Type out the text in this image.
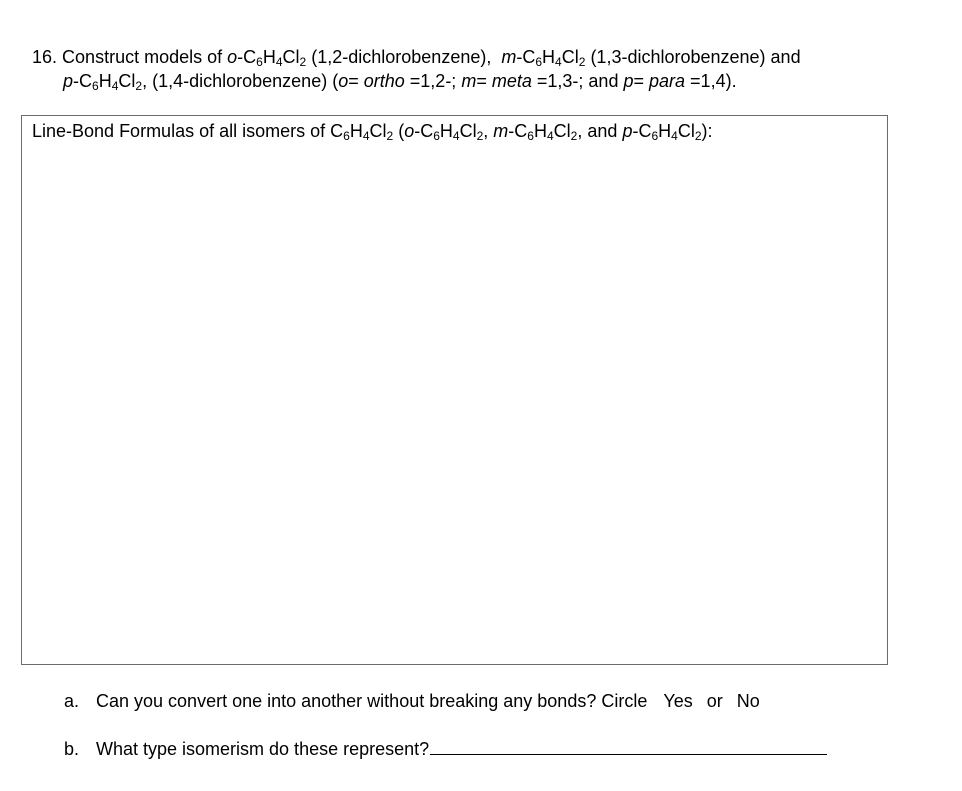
16. Construct models of $o-C_6H_4Cl_2$ (1,2-dichlorobenzene), $m-C_6H_4Cl_2$ (1,3-dichlorobenzene) and
$p-C_6H_4Cl_2$, (1,4-dichlorobenzene) (o= ortho =1,2-; m= meta =1,3-; and p= para =1,4).
Line-Bond Formulas of all isomers of $C_6H_4Cl_2$ ($o-C_6H_4Cl_2$, $m-C_6H_4Cl_2$, and $p-C_6H_4Cl_2$):
a. Can you convert one into another without breaking any bonds? Circle Yes or No
b. What type isomerism do these represent?
